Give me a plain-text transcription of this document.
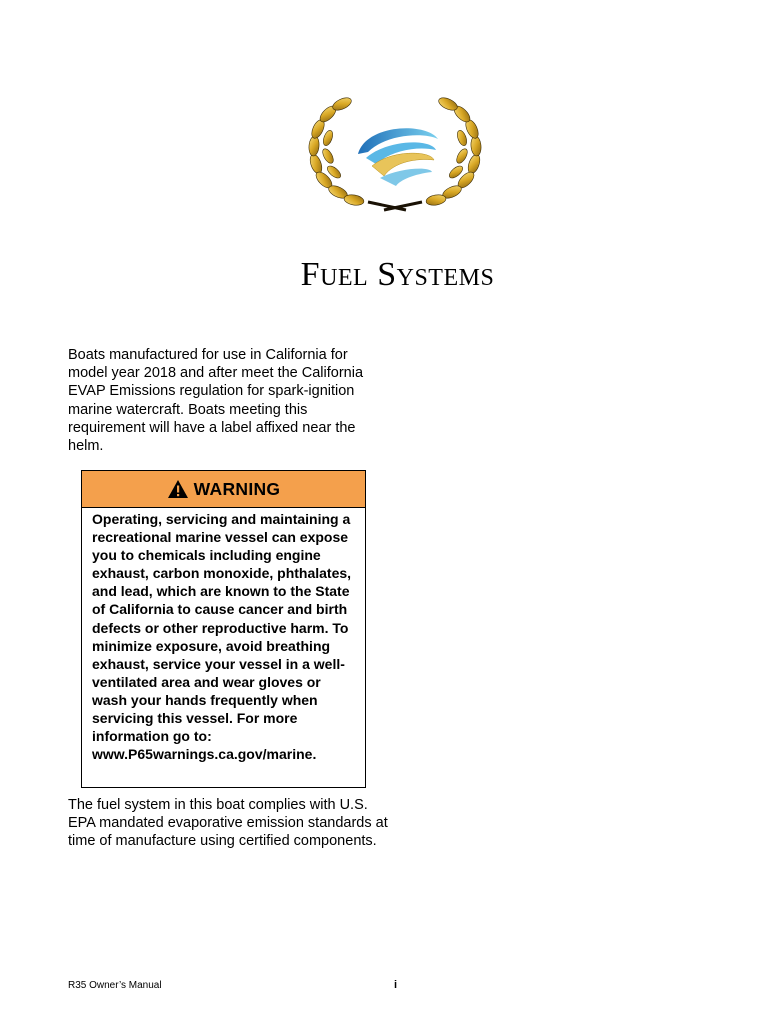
Fuel Systems

Boats manufactured for use in California for model year 2018 and after meet the California EVAP Emissions regulation for spark-ignition marine watercraft. Boats meeting this requirement will have a label affixed near the helm.

WARNING
Operating, servicing and maintaining a recreational marine vessel can expose you to chemicals including engine exhaust, carbon monoxide, phthalates, and lead, which are known to the State of California to cause cancer and birth defects or other reproductive harm. To minimize exposure, avoid breathing exhaust, service your vessel in a well-ventilated area and wear gloves or wash your hands frequently when servicing this vessel. For more information go to: www.P65warnings.ca.gov/marine.

The fuel system in this boat complies with U.S. EPA mandated evaporative emission standards at time of manufacture using certified components.

R35 Owner’s Manual	i
